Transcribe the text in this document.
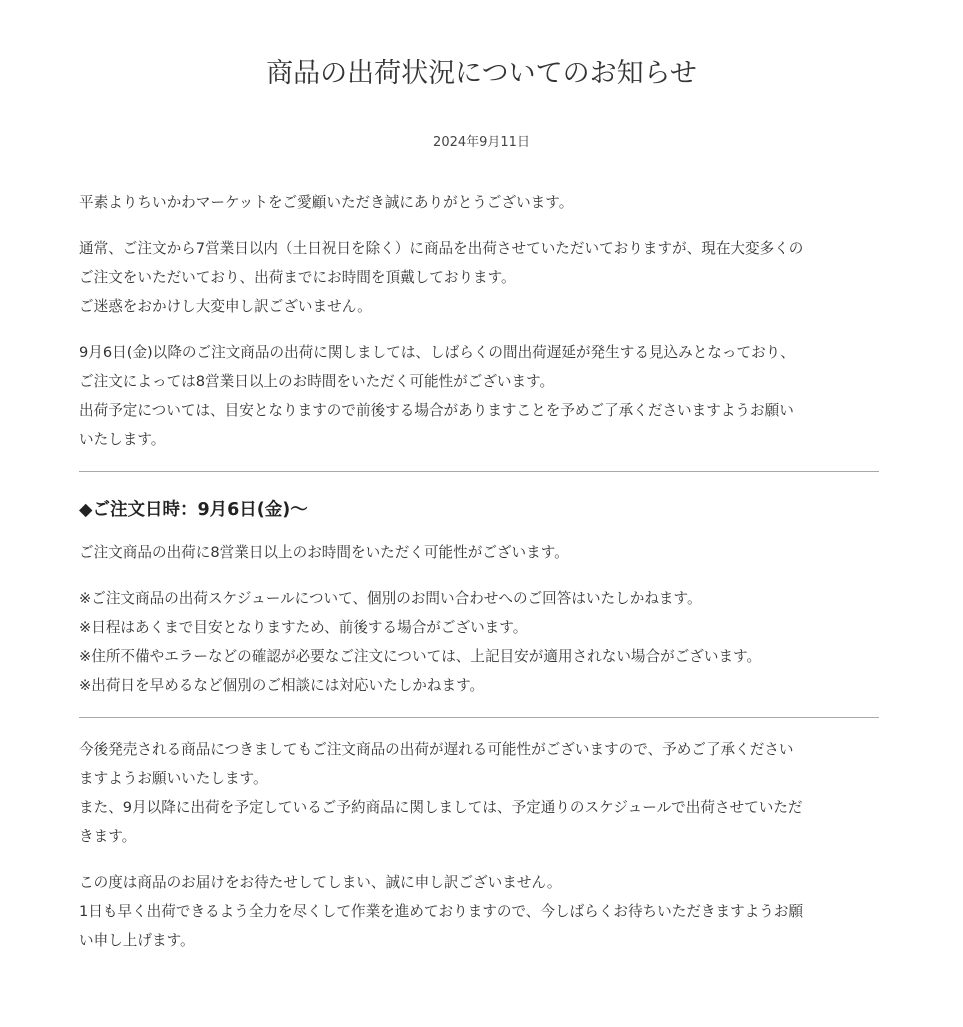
商品の出荷状況についてのお知らせ
2024年9月11日

平素よりちいかわマーケットをご愛顧いただき誠にありがとうございます。

通常、ご注文から7営業日以内（土日祝日を除く）に商品を出荷させていただいておりますが、現在大変多くの
ご注文をいただいており、出荷までにお時間を頂戴しております。
ご迷惑をおかけし大変申し訳ございません。

9月6日(金)以降のご注文商品の出荷に関しましては、しばらくの間出荷遅延が発生する見込みとなっており、
ご注文によっては8営業日以上のお時間をいただく可能性がございます。
出荷予定については、目安となりますので前後する場合がありますことを予めご了承くださいますようお願い
いたします。

◆ご注文日時：9月6日(金)〜

ご注文商品の出荷に8営業日以上のお時間をいただく可能性がございます。

※ご注文商品の出荷スケジュールについて、個別のお問い合わせへのご回答はいたしかねます。
※日程はあくまで目安となりますため、前後する場合がございます。
※住所不備やエラーなどの確認が必要なご注文については、上記目安が適用されない場合がございます。
※出荷日を早めるなど個別のご相談には対応いたしかねます。

今後発売される商品につきましてもご注文商品の出荷が遅れる可能性がございますので、予めご了承ください
ますようお願いいたします。
また、9月以降に出荷を予定しているご予約商品に関しましては、予定通りのスケジュールで出荷させていただ
きます。

この度は商品のお届けをお待たせしてしまい、誠に申し訳ございません。
1日も早く出荷できるよう全力を尽くして作業を進めておりますので、今しばらくお待ちいただきますようお願
い申し上げます。
